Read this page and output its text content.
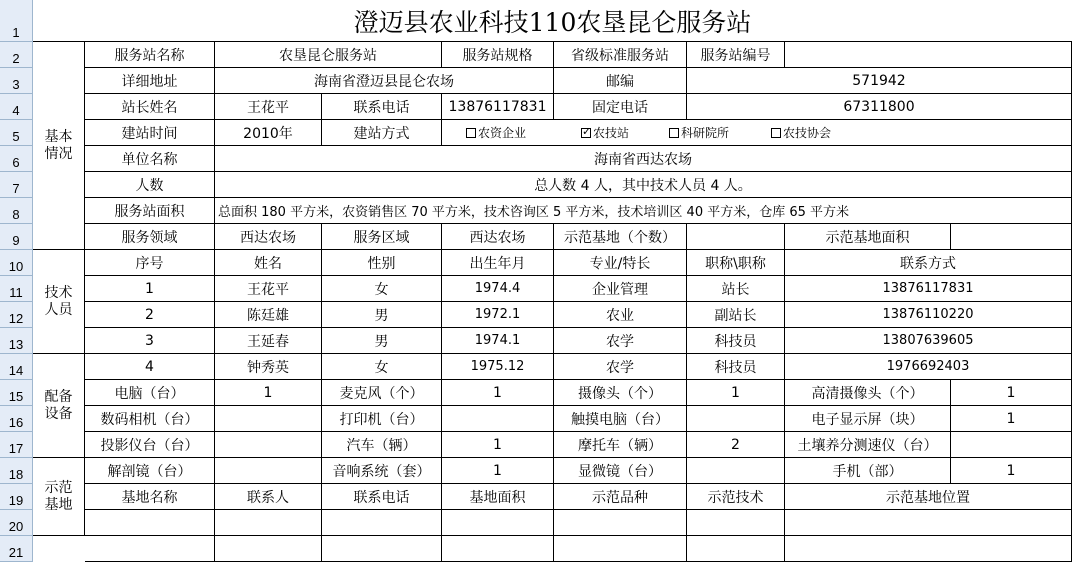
1
2
3
4
5
6
7
8
9
10
11
12
13
14
15
16
17
18
19
20
21
澄迈县农业科技110农垦昆仑服务站
基本
情况
技术
人员
配备
设备
示范
基地
服务站名称	农垦昆仑服务站	服务站规格	省级标准服务站	服务站编号
详细地址	海南省澄迈县昆仑农场	邮编	571942
站长姓名	王花平	联系电话	13876117831	固定电话	67311800
建站时间	2010年	建站方式	农资企业
✓	农技站	科研院所	农技协会
单位名称	海南省西达农场
人数	总人数 4 人，其中技术人员 4 人。
服务站面积	总面积 180 平方米，农资销售区 70 平方米，技术咨询区 5 平方米，技术培训区 40 平方米，仓库 65 平方米
服务领域	西达农场	服务区域	西达农场	示范基地（个数）	示范基地面积
序号	姓名	性别	出生年月	专业/特长	职称\职称	联系方式
1	王花平	女	1974.4	企业管理	站长	13876117831
2	陈廷雄	男	1972.1	农业	副站长	13876110220
3	王延春	男	1974.1	农学	科技员	13807639605
4	钟秀英	女	1975.12	农学	科技员	1976692403
电脑（台）	1	麦克风（个）	1	摄像头（个）	1	高清摄像头（个）	1
数码相机（台）	打印机（台）	触摸电脑（台）	电子显示屏（块）	1
投影仪台（台）	汽车（辆）	1	摩托车（辆）	2	土壤养分测速仪（台）
解剖镜（台）	音响系统（套）	1	显微镜（台）	手机（部）	1
基地名称	联系人	联系电话	基地面积	示范品种	示范技术	示范基地位置
